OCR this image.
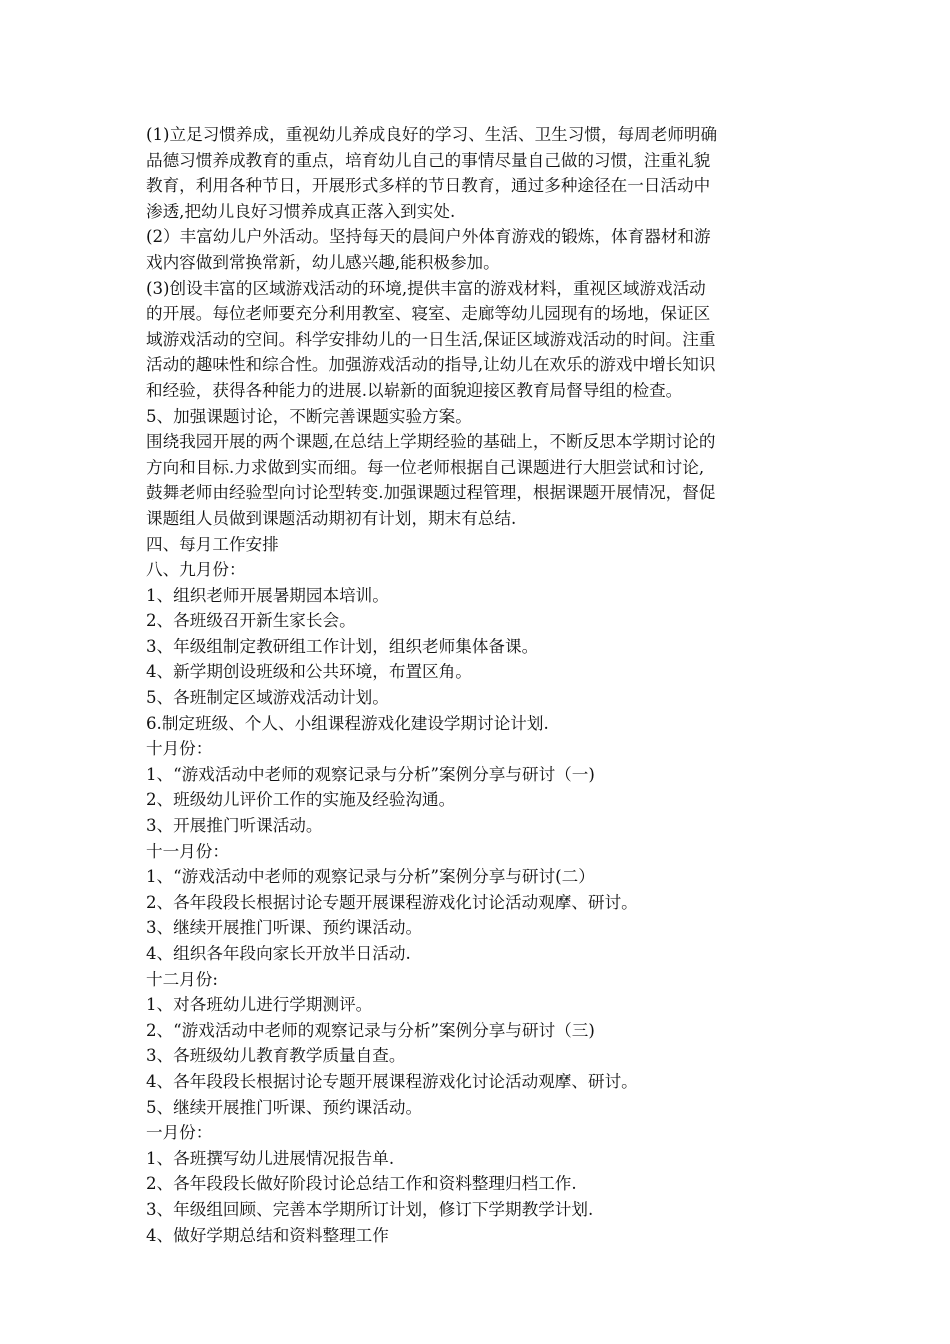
(1)立足习惯养成，重视幼儿养成良好的学习、生活、卫生习惯，每周老师明确
品德习惯养成教育的重点，培育幼儿自己的事情尽量自己做的习惯，注重礼貌
教育，利用各种节日，开展形式多样的节日教育，通过多种途径在一日活动中
渗透,把幼儿良好习惯养成真正落入到实处.
(2）丰富幼儿户外活动。坚持每天的晨间户外体育游戏的锻炼，体育器材和游
戏内容做到常换常新，幼儿感兴趣,能积极参加。
(3)创设丰富的区域游戏活动的环境,提供丰富的游戏材料，重视区域游戏活动
的开展。每位老师要充分利用教室、寝室、走廊等幼儿园现有的场地，保证区
域游戏活动的空间。科学安排幼儿的一日生活,保证区域游戏活动的时间。注重
活动的趣味性和综合性。加强游戏活动的指导,让幼儿在欢乐的游戏中增长知识
和经验，获得各种能力的进展.以崭新的面貌迎接区教育局督导组的检查。
5、加强课题讨论，不断完善课题实验方案。
围绕我园开展的两个课题,在总结上学期经验的基础上，不断反思本学期讨论的
方向和目标.力求做到实而细。每一位老师根据自己课题进行大胆尝试和讨论,
鼓舞老师由经验型向讨论型转变.加强课题过程管理，根据课题开展情况，督促
课题组人员做到课题活动期初有计划，期末有总结.
四、每月工作安排
八、九月份：
1、组织老师开展暑期园本培训。
2、各班级召开新生家长会。
3、年级组制定教研组工作计划，组织老师集体备课。
4、新学期创设班级和公共环境，布置区角。
5、各班制定区域游戏活动计划。
6.制定班级、个人、小组课程游戏化建设学期讨论计划.
十月份：
1、“游戏活动中老师的观察记录与分析”案例分享与研讨（一)
2、班级幼儿评价工作的实施及经验沟通。
3、开展推门听课活动。
十一月份：
1、“游戏活动中老师的观察记录与分析”案例分享与研讨(二）
2、各年段段长根据讨论专题开展课程游戏化讨论活动观摩、研讨。
3、继续开展推门听课、预约课活动。
4、组织各年段向家长开放半日活动.
十二月份:
1、对各班幼儿进行学期测评。
2、“游戏活动中老师的观察记录与分析”案例分享与研讨（三)
3、各班级幼儿教育教学质量自查。
4、各年段段长根据讨论专题开展课程游戏化讨论活动观摩、研讨。
5、继续开展推门听课、预约课活动。
一月份：
1、各班撰写幼儿进展情况报告单.
2、各年段段长做好阶段讨论总结工作和资料整理归档工作.
3、年级组回顾、完善本学期所订计划，修订下学期教学计划.
4、做好学期总结和资料整理工作
